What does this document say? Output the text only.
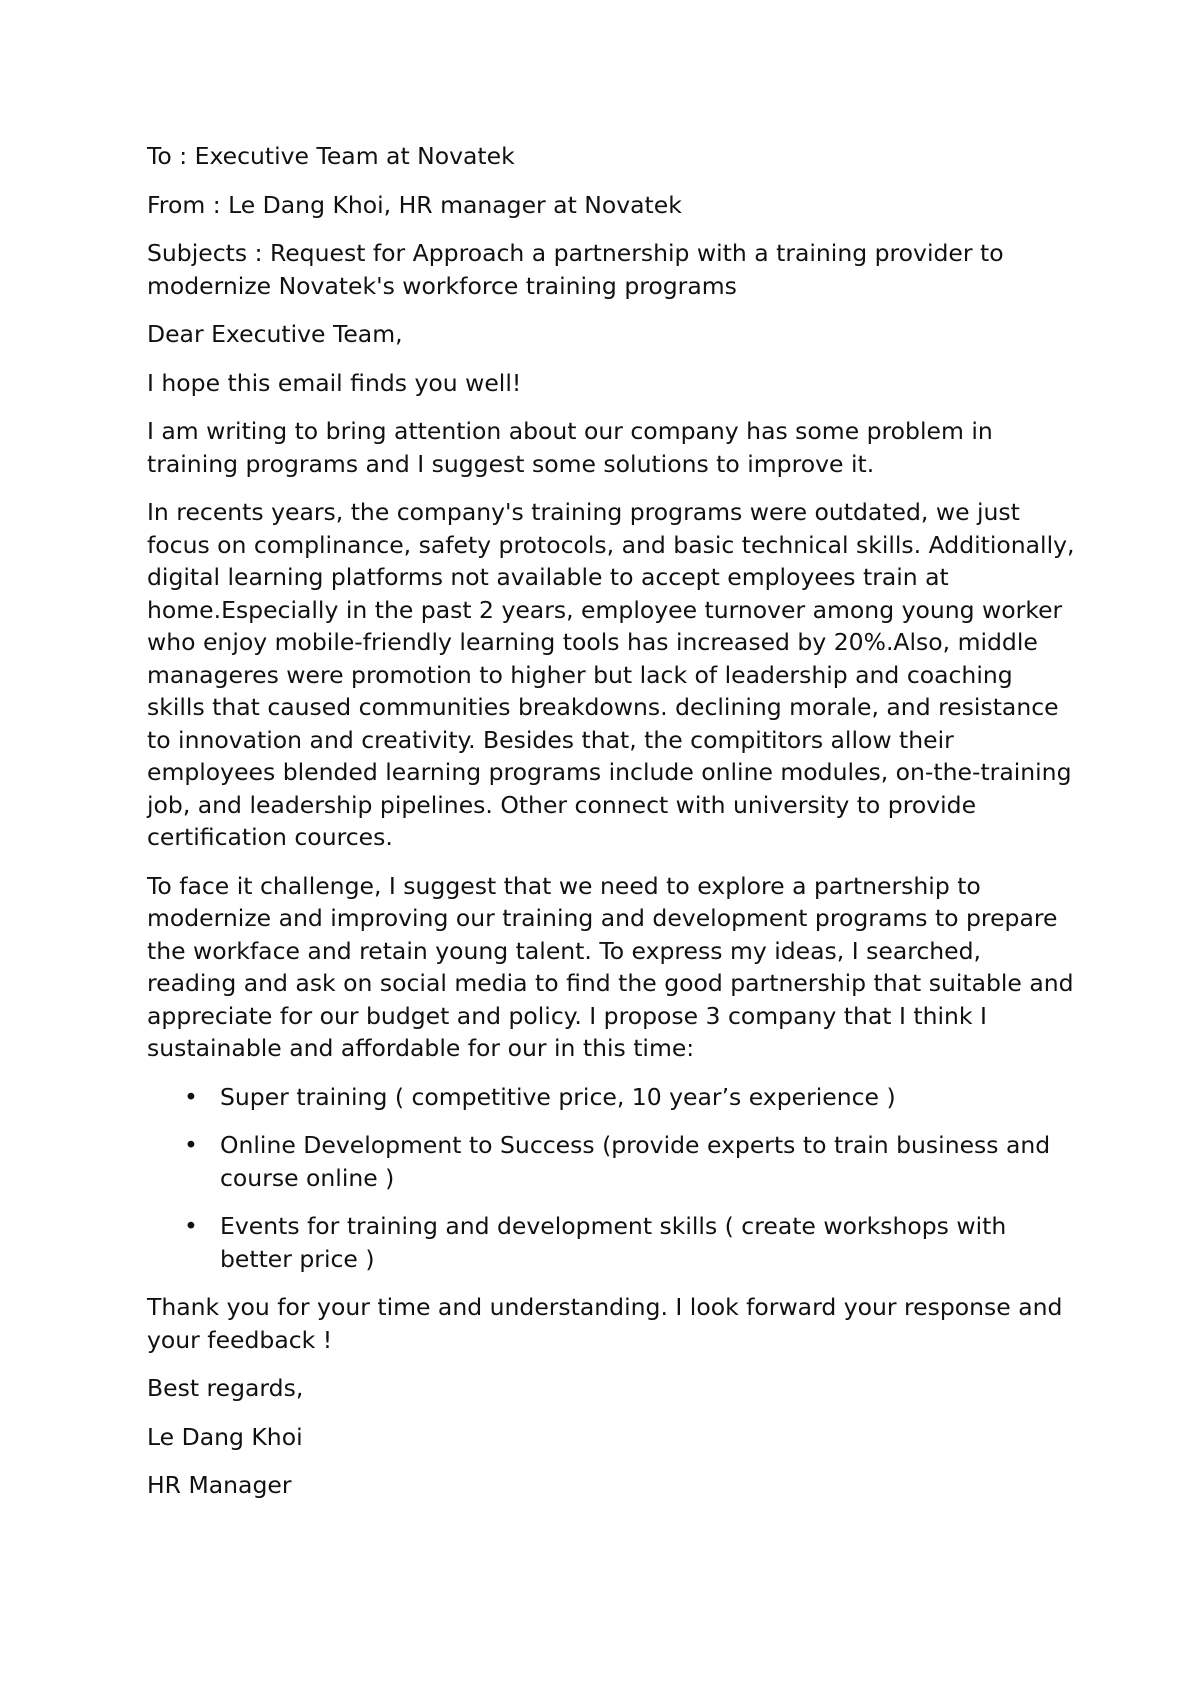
To : Executive Team at Novatek

From : Le Dang Khoi, HR manager at Novatek

Subjects : Request for Approach a partnership with a training provider to modernize Novatek's workforce training programs

Dear Executive Team,

I hope this email finds you well!

I am writing to bring attention about our company has some problem in training programs and I suggest some solutions to improve it.

In recents years, the company's training programs were outdated, we just focus on complinance, safety protocols, and basic technical skills. Additionally, digital learning platforms not available to accept employees train at home.Especially in the past 2 years, employee turnover among young worker who enjoy mobile-friendly learning tools has increased by 20%.Also, middle manageres were promotion to higher but lack of leadership and coaching skills that caused communities breakdowns. declining morale, and resistance to innovation and creativity. Besides that, the compititors allow their employees blended learning programs include online modules, on-the-training job, and leadership pipelines. Other connect with university to provide certification cources.

To face it challenge, I suggest that we need to explore a partnership to modernize and improving our training and development programs to prepare the workface and retain young talent. To express my ideas, I searched, reading and ask on social media to find the good partnership that suitable and appreciate for our budget and policy. I propose 3 company that I think I sustainable and affordable for our in this time:

• Super training ( competitive price, 10 year’s experience )
• Online Development to Success (provide experts to train business and course online )
• Events for training and development skills ( create workshops with better price )

Thank you for your time and understanding. I look forward your response and your feedback !

Best regards,

Le Dang Khoi

HR Manager
